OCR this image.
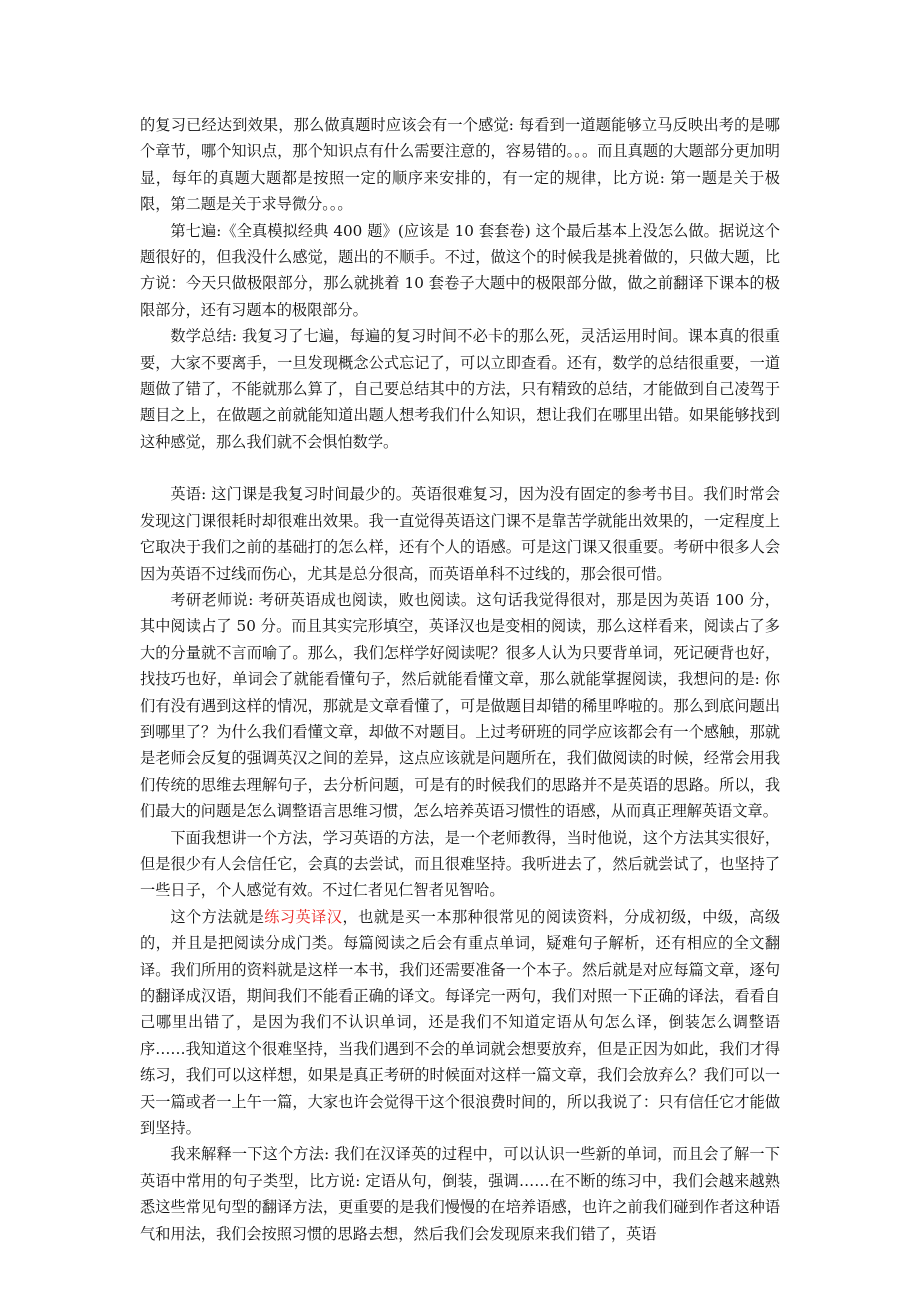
的复习已经达到效果，那么做真题时应该会有一个感觉: 每看到一道题能够立马反映出考的是哪个章节，哪个知识点，那个知识点有什么需要注意的，容易错的。。。而且真题的大题部分更加明显，每年的真题大题都是按照一定的顺序来安排的，有一定的规律，比方说: 第一题是关于极限，第二题是关于求导微分。。。

第七遍:《全真模拟经典 400 题》(应该是 10 套套卷) 这个最后基本上没怎么做。据说这个题很好的，但我没什么感觉，题出的不顺手。不过，做这个的时候我是挑着做的，只做大题，比方说：今天只做极限部分，那么就挑着 10 套卷子大题中的极限部分做，做之前翻译下课本的极限部分，还有习题本的极限部分。

数学总结: 我复习了七遍，每遍的复习时间不必卡的那么死，灵活运用时间。课本真的很重要，大家不要离手，一旦发现概念公式忘记了，可以立即查看。还有，数学的总结很重要，一道题做了错了，不能就那么算了，自己要总结其中的方法，只有精致的总结，才能做到自己凌驾于题目之上，在做题之前就能知道出题人想考我们什么知识，想让我们在哪里出错。如果能够找到这种感觉，那么我们就不会惧怕数学。

英语: 这门课是我复习时间最少的。英语很难复习，因为没有固定的参考书目。我们时常会发现这门课很耗时却很难出效果。我一直觉得英语这门课不是靠苦学就能出效果的，一定程度上它取决于我们之前的基础打的怎么样，还有个人的语感。可是这门课又很重要。考研中很多人会因为英语不过线而伤心，尤其是总分很高，而英语单科不过线的，那会很可惜。

考研老师说: 考研英语成也阅读，败也阅读。这句话我觉得很对，那是因为英语 100 分，其中阅读占了 50 分。而且其实完形填空，英译汉也是变相的阅读，那么这样看来，阅读占了多大的分量就不言而喻了。那么，我们怎样学好阅读呢？很多人认为只要背单词，死记硬背也好，找技巧也好，单词会了就能看懂句子，然后就能看懂文章，那么就能掌握阅读，我想问的是: 你们有没有遇到这样的情况，那就是文章看懂了，可是做题目却错的稀里哗啦的。那么到底问题出到哪里了？为什么我们看懂文章，却做不对题目。上过考研班的同学应该都会有一个感触，那就是老师会反复的强调英汉之间的差异，这点应该就是问题所在，我们做阅读的时候，经常会用我们传统的思维去理解句子，去分析问题，可是有的时候我们的思路并不是英语的思路。所以，我们最大的问题是怎么调整语言思维习惯，怎么培养英语习惯性的语感，从而真正理解英语文章。

下面我想讲一个方法，学习英语的方法，是一个老师教得，当时他说，这个方法其实很好，但是很少有人会信任它，会真的去尝试，而且很难坚持。我听进去了，然后就尝试了，也坚持了一些日子，个人感觉有效。不过仁者见仁智者见智哈。

这个方法就是练习英译汉，也就是买一本那种很常见的阅读资料，分成初级，中级，高级的，并且是把阅读分成门类。每篇阅读之后会有重点单词，疑难句子解析，还有相应的全文翻译。我们所用的资料就是这样一本书，我们还需要准备一个本子。然后就是对应每篇文章，逐句的翻译成汉语，期间我们不能看正确的译文。每译完一两句，我们对照一下正确的译法，看看自己哪里出错了，是因为我们不认识单词，还是我们不知道定语从句怎么译，倒装怎么调整语序……我知道这个很难坚持，当我们遇到不会的单词就会想要放弃，但是正因为如此，我们才得练习，我们可以这样想，如果是真正考研的时候面对这样一篇文章，我们会放弃么？我们可以一天一篇或者一上午一篇，大家也许会觉得干这个很浪费时间的，所以我说了：只有信任它才能做到坚持。

我来解释一下这个方法: 我们在汉译英的过程中，可以认识一些新的单词，而且会了解一下英语中常用的句子类型，比方说: 定语从句，倒装，强调……在不断的练习中，我们会越来越熟悉这些常见句型的翻译方法，更重要的是我们慢慢的在培养语感，也许之前我们碰到作者这种语气和用法，我们会按照习惯的思路去想，然后我们会发现原来我们错了，英语
